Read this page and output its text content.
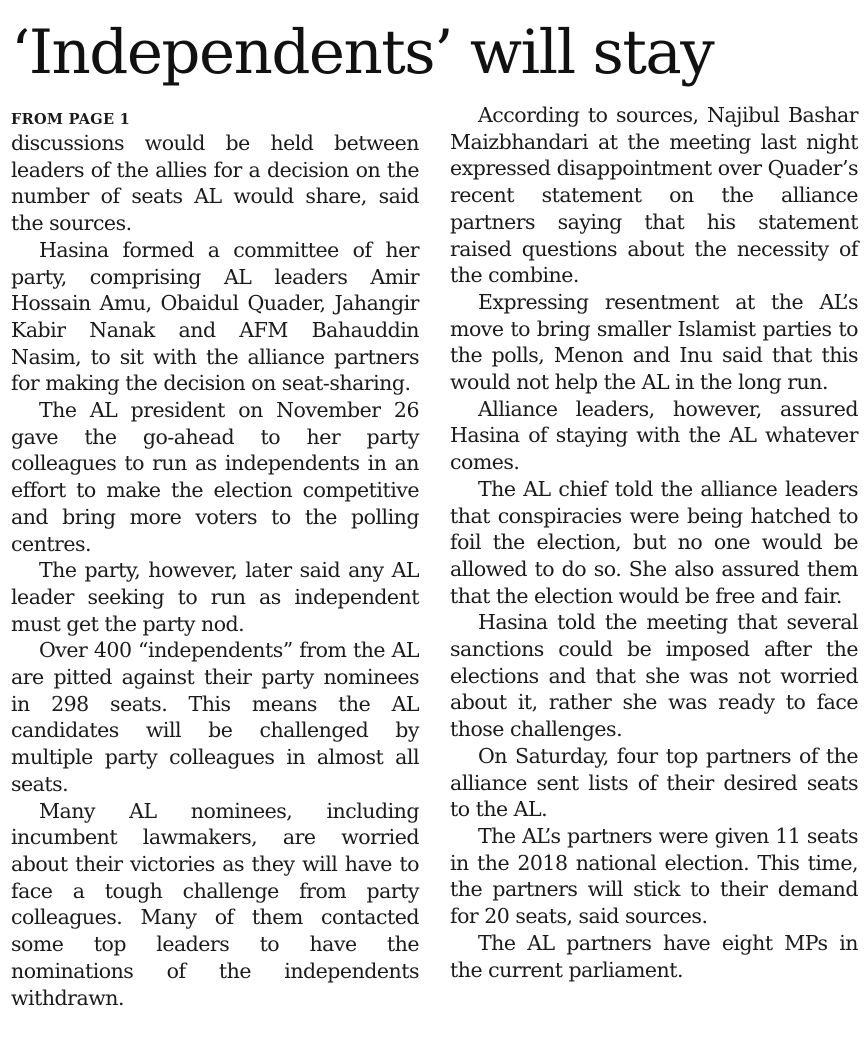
‘Independents’ will stay
FROM PAGE 1

discussions would be held between leaders of the allies for a decision on the number of seats AL would share, said the sources.

Hasina formed a committee of her party, comprising AL leaders Amir Hossain Amu, Obaidul Quader, Jahangir Kabir Nanak and AFM Bahauddin Nasim, to sit with the alliance partners for making the decision on seat-sharing.

The AL president on November 26 gave the go-ahead to her party colleagues to run as independents in an effort to make the election competitive and bring more voters to the polling centres.

The party, however, later said any AL leader seeking to run as independent must get the party nod.

Over 400 “independents” from the AL are pitted against their party nominees in 298 seats. This means the AL candidates will be challenged by multiple party colleagues in almost all seats.

Many AL nominees, including incumbent lawmakers, are worried about their victories as they will have to face a tough challenge from party colleagues. Many of them contacted some top leaders to have the nominations of the independents withdrawn.

According to sources, Najibul Bashar Maizbhandari at the meeting last night expressed disappointment over Quader’s recent statement on the alliance partners saying that his statement raised questions about the necessity of the combine.

Expressing resentment at the AL’s move to bring smaller Islamist parties to the polls, Menon and Inu said that this would not help the AL in the long run.

Alliance leaders, however, assured Hasina of staying with the AL whatever comes.

The AL chief told the alliance leaders that conspiracies were being hatched to foil the election, but no one would be allowed to do so. She also assured them that the election would be free and fair.

Hasina told the meeting that several sanctions could be imposed after the elections and that she was not worried about it, rather she was ready to face those challenges.

On Saturday, four top partners of the alliance sent lists of their desired seats to the AL.

The AL’s partners were given 11 seats in the 2018 national election. This time, the partners will stick to their demand for 20 seats, said sources.

The AL partners have eight MPs in the current parliament.
